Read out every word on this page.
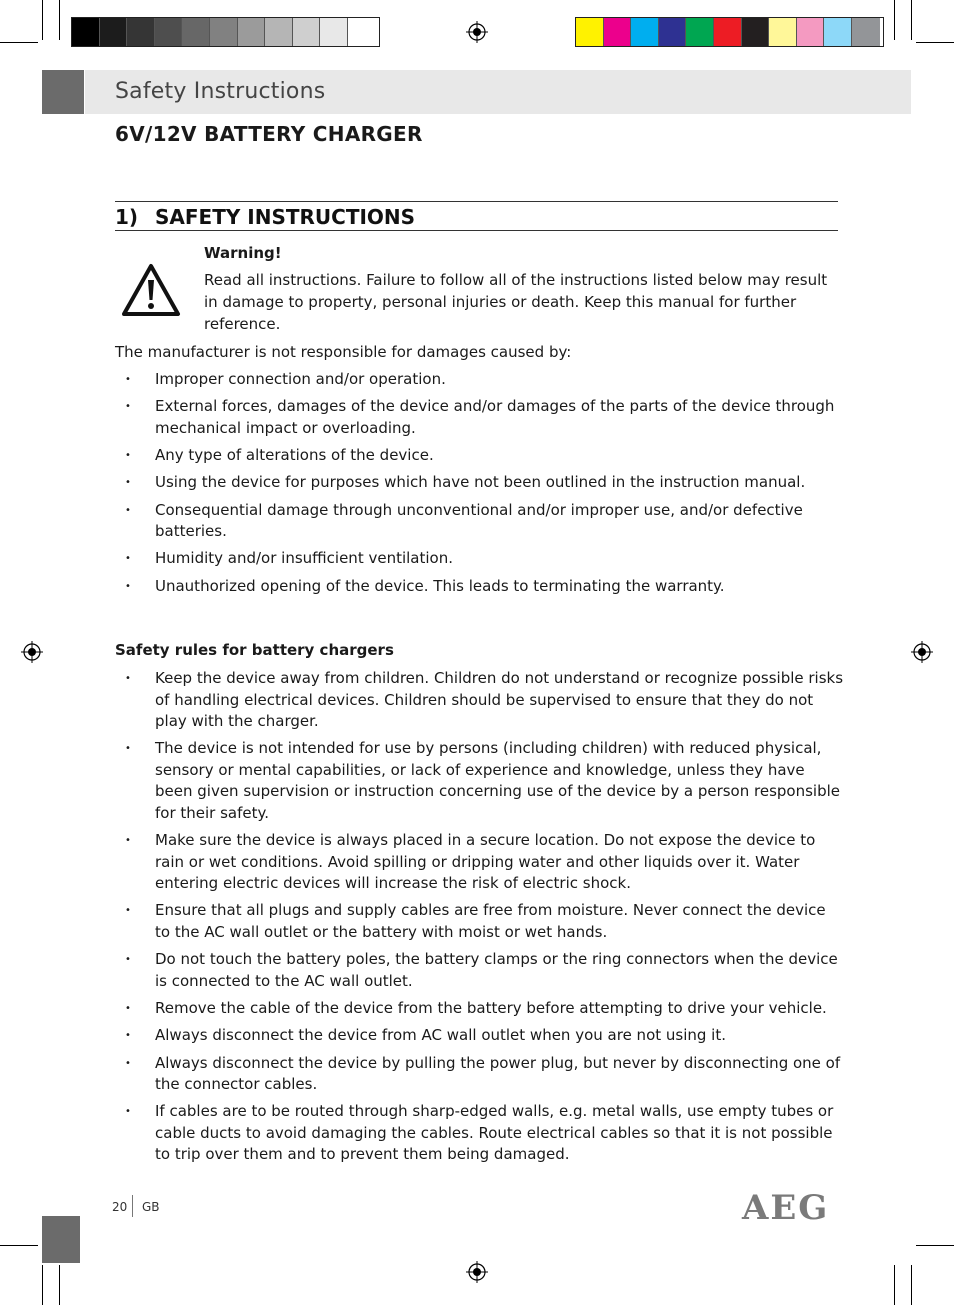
Safety Instructions
6V/12V BATTERY CHARGER
1) SAFETY INSTRUCTIONS
Warning!
Read all instructions. Failure to follow all of the instructions listed below may result in damage to property, personal injuries or death. Keep this manual for further reference.
The manufacturer is not responsible for damages caused by:
• Improper connection and/or operation.
• External forces, damages of the device and/or damages of the parts of the device through mechanical impact or overloading.
• Any type of alterations of the device.
• Using the device for purposes which have not been outlined in the instruction manual.
• Consequential damage through unconventional and/or improper use, and/or defective batteries.
• Humidity and/or insufficient ventilation.
• Unauthorized opening of the device. This leads to terminating the warranty.
Safety rules for battery chargers
• Keep the device away from children. Children do not understand or recognize possible risks of handling electrical devices. Children should be supervised to ensure that they do not play with the charger.
• The device is not intended for use by persons (including children) with reduced physical, sensory or mental capabilities, or lack of experience and knowledge, unless they have been given supervision or instruction concerning use of the device by a person responsible for their safety.
• Make sure the device is always placed in a secure location. Do not expose the device to rain or wet conditions. Avoid spilling or dripping water and other liquids over it. Water entering electric devices will increase the risk of electric shock.
• Ensure that all plugs and supply cables are free from moisture. Never connect the device to the AC wall outlet or the battery with moist or wet hands.
• Do not touch the battery poles, the battery clamps or the ring connectors when the device is connected to the AC wall outlet.
• Remove the cable of the device from the battery before attempting to drive your vehicle.
• Always disconnect the device from AC wall outlet when you are not using it.
• Always disconnect the device by pulling the power plug, but never by disconnecting one of the connector cables.
• If cables are to be routed through sharp-edged walls, e.g. metal walls, use empty tubes or cable ducts to avoid damaging the cables. Route electrical cables so that it is not possible to trip over them and to prevent them being damaged.
20 GB	AEG
